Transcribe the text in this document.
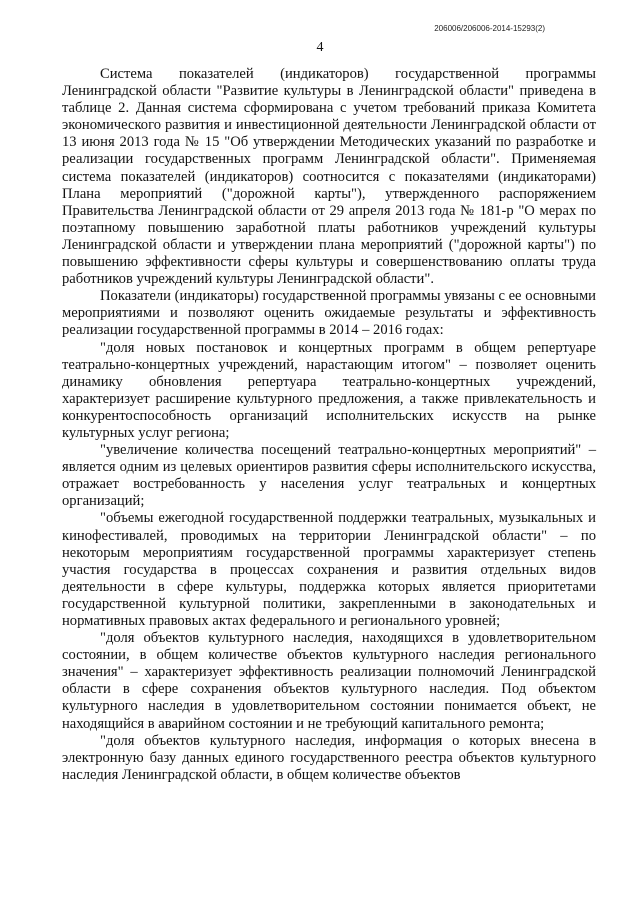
206006/206006-2014-15293(2)
4

Система показателей (индикаторов) государственной программы Ленинградской области "Развитие культуры в Ленинградской области" приведена в таблице 2. Данная система сформирована с учетом требований приказа Комитета экономического развития и инвестиционной деятельности Ленинградской области от 13 июня 2013 года № 15 "Об утверждении Методических указаний по разработке и реализации государственных программ Ленинградской области". Применяемая система показателей (индикаторов) соотносится с показателями (индикаторами) Плана мероприятий ("дорожной карты"), утвержденного распоряжением Правительства Ленинградской области от 29 апреля 2013 года № 181-р "О мерах по поэтапному повышению заработной платы работников учреждений культуры Ленинградской области и утверждении плана мероприятий ("дорожной карты") по повышению эффективности сферы культуры и совершенствованию оплаты труда работников учреждений культуры Ленинградской области".

Показатели (индикаторы) государственной программы увязаны с ее основными мероприятиями и позволяют оценить ожидаемые результаты и эффективность реализации государственной программы в 2014 – 2016 годах:

"доля новых постановок и концертных программ в общем репертуаре театрально-концертных учреждений, нарастающим итогом" – позволяет оценить динамику обновления репертуара театрально-концертных учреждений, характеризует расширение культурного предложения, а также привлекательность и конкурентоспособность организаций исполнительских искусств на рынке культурных услуг региона;

"увеличение количества посещений театрально-концертных мероприятий" – является одним из целевых ориентиров развития сферы исполнительского искусства, отражает востребованность у населения услуг театральных и концертных организаций;

"объемы ежегодной государственной поддержки театральных, музыкальных и кинофестивалей, проводимых на территории Ленинградской области" – по некоторым мероприятиям государственной программы характеризует степень участия государства в процессах сохранения и развития отдельных видов деятельности в сфере культуры, поддержка которых является приоритетами государственной культурной политики, закрепленными в законодательных и нормативных правовых актах федерального и регионального уровней;

"доля объектов культурного наследия, находящихся в удовлетворительном состоянии, в общем количестве объектов культурного наследия регионального значения" – характеризует эффективность реализации полномочий Ленинградской области в сфере сохранения объектов культурного наследия. Под объектом культурного наследия в удовлетворительном состоянии понимается объект, не находящийся в аварийном состоянии и не требующий капитального ремонта;

"доля объектов культурного наследия, информация о которых внесена в электронную базу данных единого государственного реестра объектов культурного наследия Ленинградской области, в общем количестве объектов
